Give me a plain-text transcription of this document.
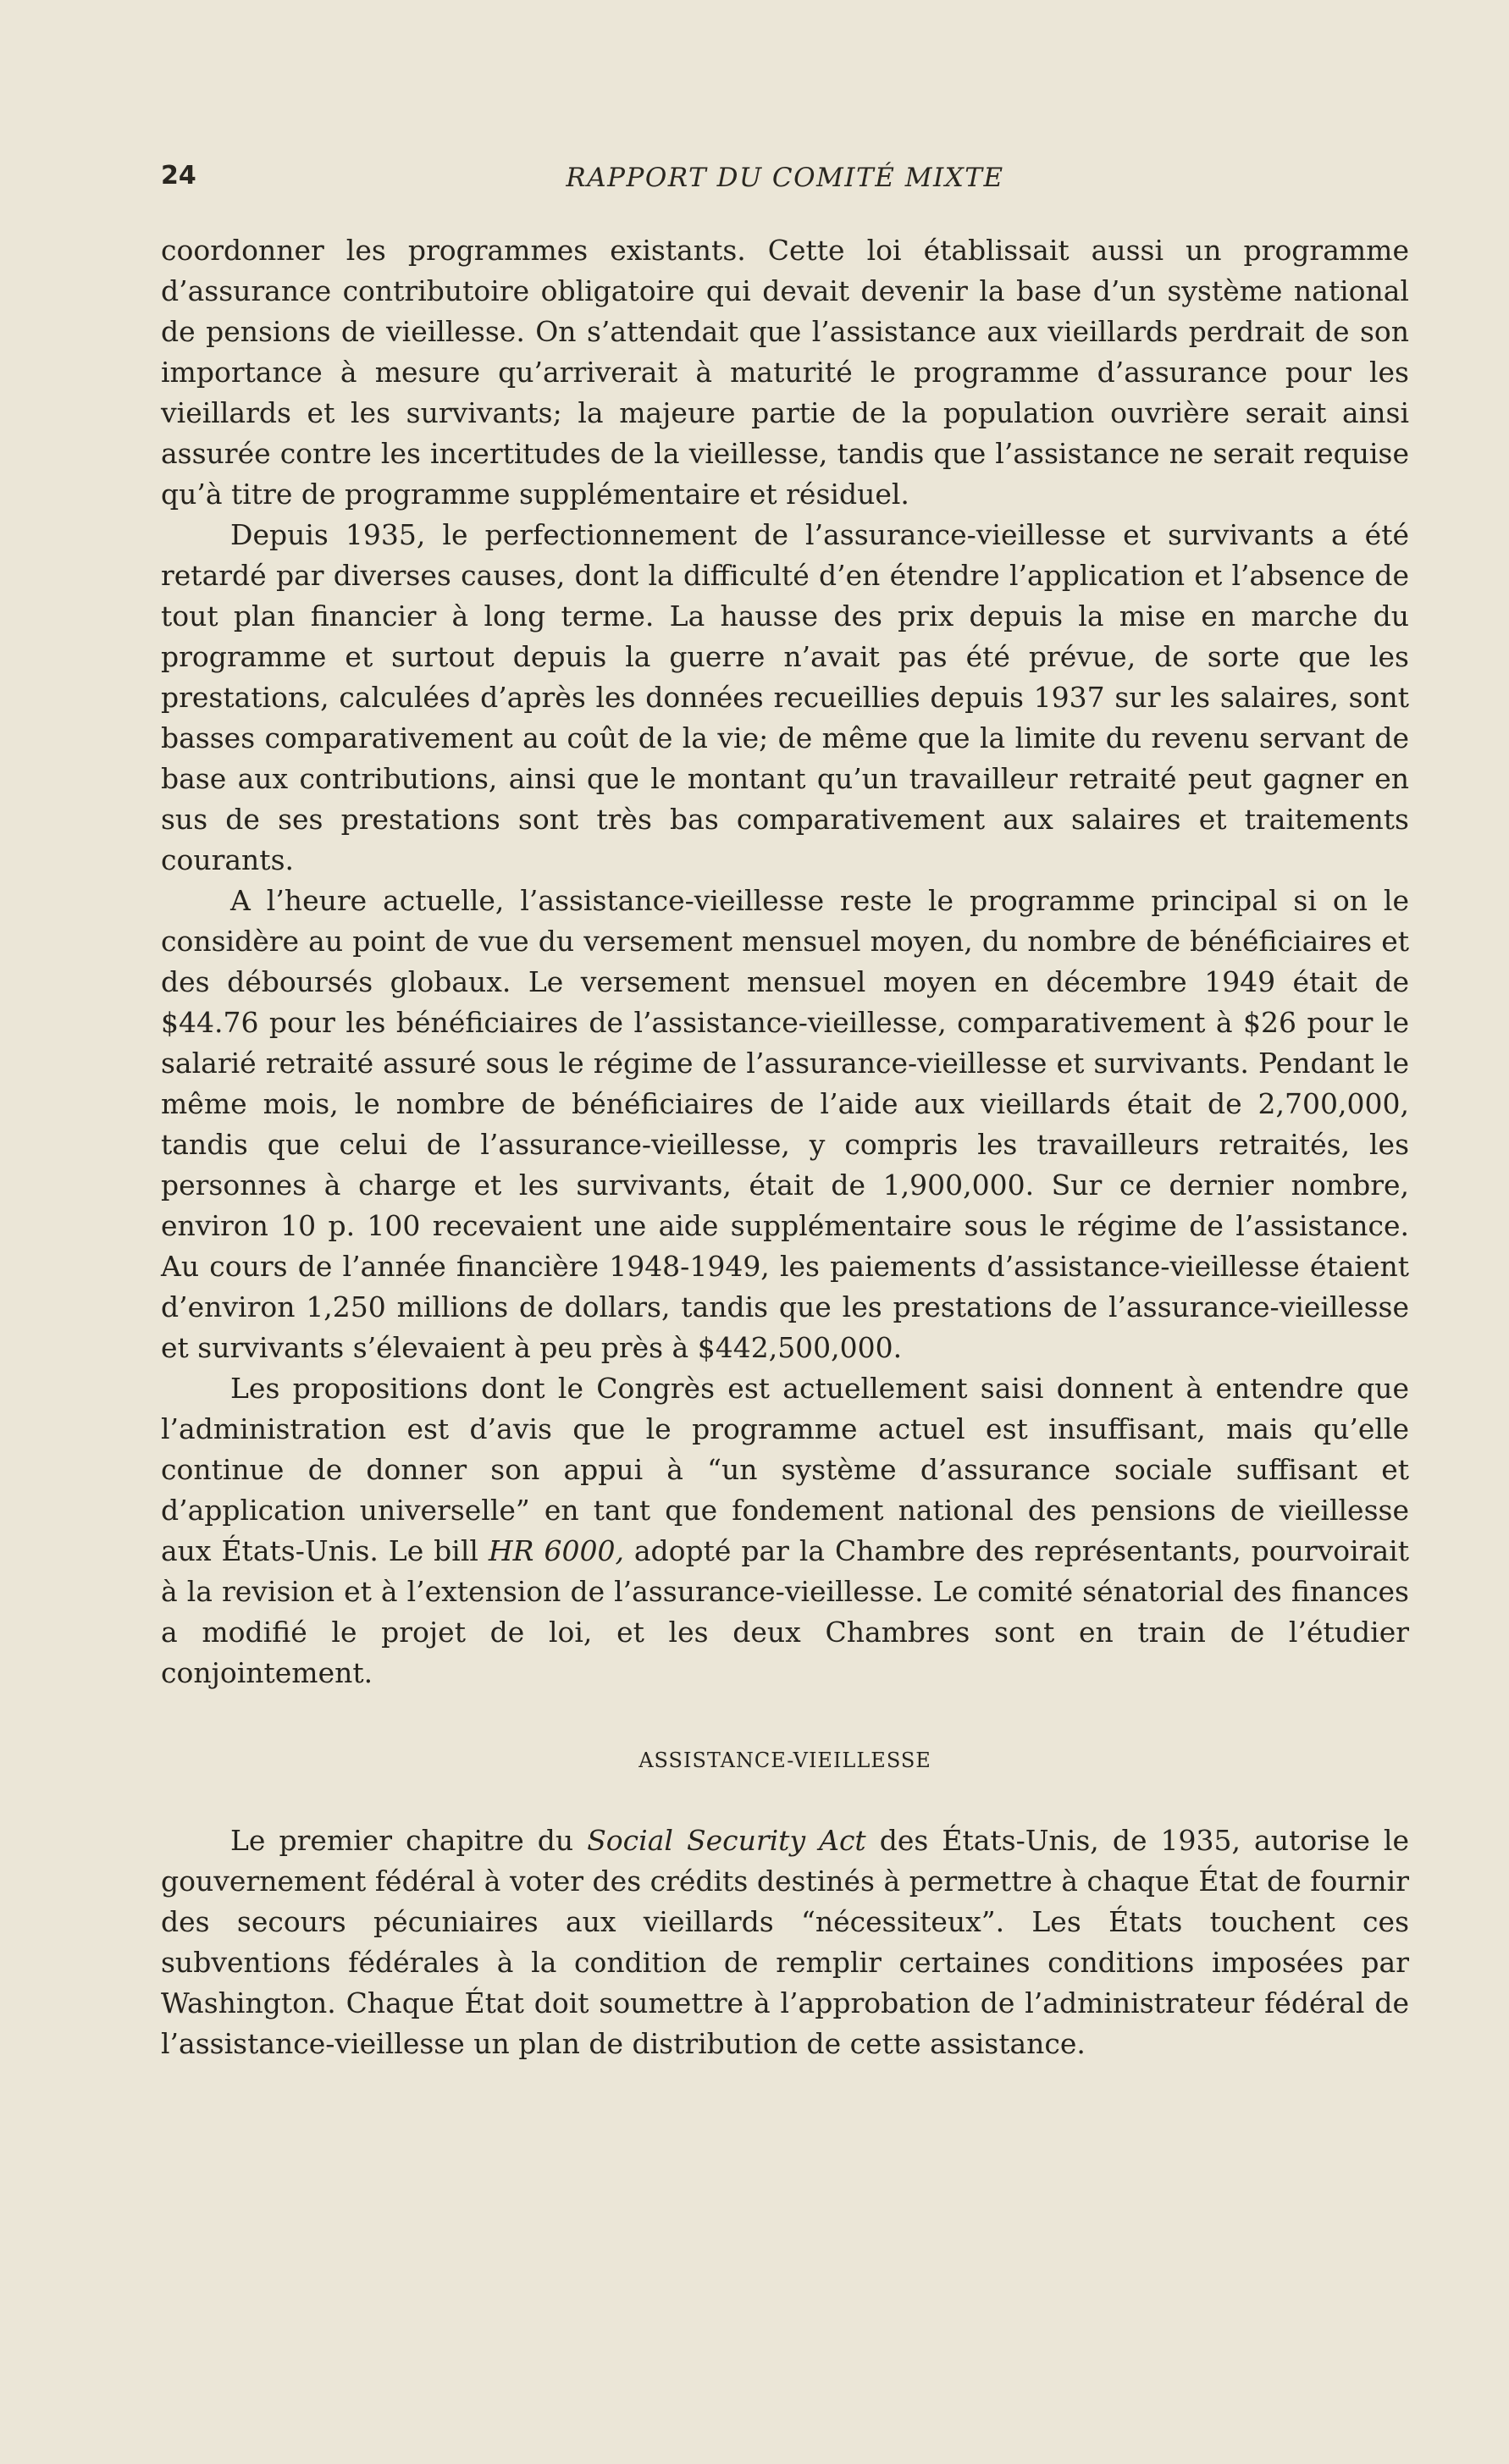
24	RAPPORT DU COMITÉ MIXTE

coordonner les programmes existants. Cette loi établissait aussi un programme d’assurance contributoire obligatoire qui devait devenir la base d’un système national de pensions de vieillesse. On s’attendait que l’assistance aux vieillards perdrait de son importance à mesure qu’arriverait à maturité le programme d’assurance pour les vieillards et les survivants; la majeure partie de la population ouvrière serait ainsi assurée contre les incertitudes de la vieillesse, tandis que l’assistance ne serait requise qu’à titre de programme supplémentaire et résiduel.

Depuis 1935, le perfectionnement de l’assurance-vieillesse et survivants a été retardé par diverses causes, dont la difficulté d’en étendre l’application et l’absence de tout plan financier à long terme. La hausse des prix depuis la mise en marche du programme et surtout depuis la guerre n’avait pas été prévue, de sorte que les prestations, calculées d’après les données recueillies depuis 1937 sur les salaires, sont basses comparativement au coût de la vie; de même que la limite du revenu servant de base aux contributions, ainsi que le montant qu’un travailleur retraité peut gagner en sus de ses prestations sont très bas comparativement aux salaires et traitements courants.

A l’heure actuelle, l’assistance-vieillesse reste le programme principal si on le considère au point de vue du versement mensuel moyen, du nombre de bénéficiaires et des déboursés globaux. Le versement mensuel moyen en décembre 1949 était de $44.76 pour les bénéficiaires de l’assistance-vieillesse, comparativement à $26 pour le salarié retraité assuré sous le régime de l’assurance-vieillesse et survivants. Pendant le même mois, le nombre de bénéficiaires de l’aide aux vieillards était de 2,700,000, tandis que celui de l’assurance-vieillesse, y compris les travailleurs retraités, les personnes à charge et les survivants, était de 1,900,000. Sur ce dernier nombre, environ 10 p. 100 recevaient une aide supplémentaire sous le régime de l’assistance. Au cours de l’année financière 1948-1949, les paiements d’assistance-vieillesse étaient d’environ 1,250 millions de dollars, tandis que les prestations de l’assurance-vieillesse et survivants s’élevaient à peu près à $442,500,000.

Les propositions dont le Congrès est actuellement saisi donnent à entendre que l’administration est d’avis que le programme actuel est insuffisant, mais qu’elle continue de donner son appui à “un système d’assurance sociale suffisant et d’application universelle” en tant que fondement national des pensions de vieillesse aux États-Unis. Le bill HR 6000, adopté par la Chambre des représentants, pourvoirait à la revision et à l’extension de l’assurance-vieillesse. Le comité sénatorial des finances a modifié le projet de loi, et les deux Chambres sont en train de l’étudier conjointement.

ASSISTANCE-VIEILLESSE

Le premier chapitre du Social Security Act des États-Unis, de 1935, autorise le gouvernement fédéral à voter des crédits destinés à permettre à chaque État de fournir des secours pécuniaires aux vieillards “nécessiteux”. Les États touchent ces subventions fédérales à la condition de remplir certaines conditions imposées par Washington. Chaque État doit soumettre à l’approbation de l’administrateur fédéral de l’assistance-vieillesse un plan de distribution de cette assistance.
